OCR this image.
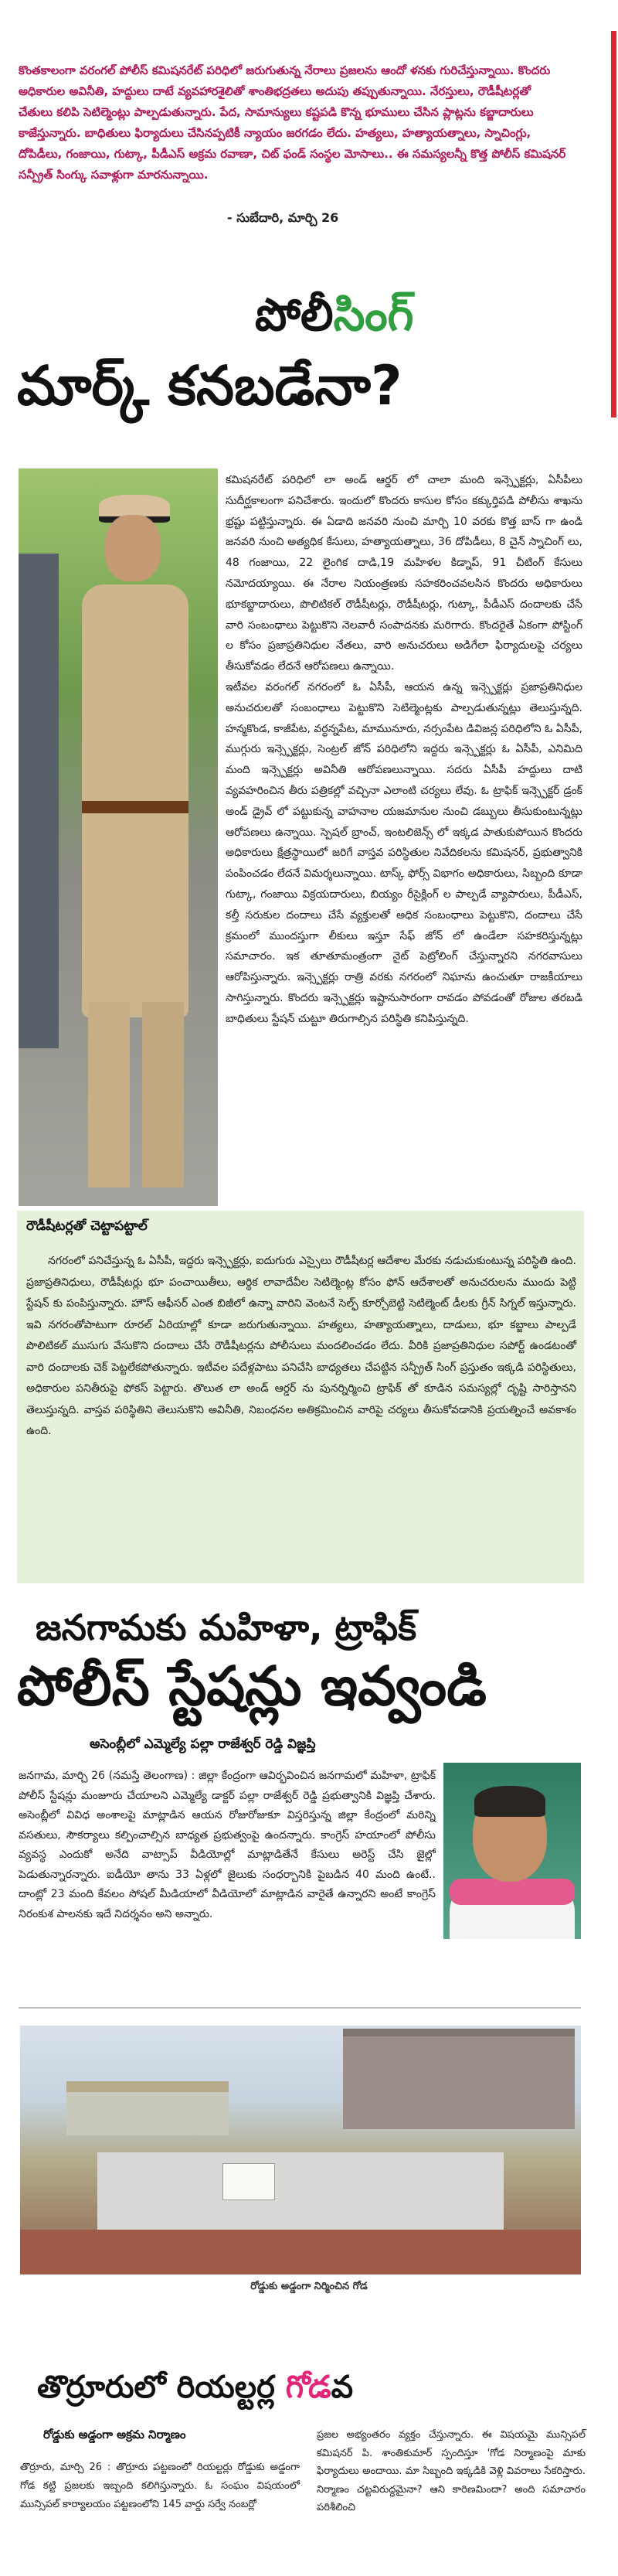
కొంతకాలంగా వరంగల్ పోలీస్ కమిషనరేట్ పరిధిలో జరుగుతున్న నేరాలు ప్రజలను ఆందో ళనకు గురిచేస్తున్నాయి. కొందరు అధికారుల అవినీతి, హద్దులు దాటే వ్యవహారశైలితో శాంతిభద్రతలు అదుపు తప్పుతున్నాయి. నేరస్తులు, రౌడీషీటర్లతో చేతులు కలిపి సెటిల్మెంట్లు పాల్పడుతున్నారు. పేద, సామాన్యులు కష్టపడి కొన్న భూములు చేసిన ప్లాట్లను కబ్జాదారులు కాజేస్తున్నారు. బాధితులు ఫిర్యాదులు చేసినప్పటికీ న్యాయం జరగడం లేదు. హత్యలు, హత్యాయత్నాలు, స్నాచింగ్లు, దోపిడీలు, గంజాయి, గుట్కా, పీడీఎస్ అక్రమ రవాణా, చిట్ ఫండ్ సంస్థల మోసాలు.. ఈ సమస్యలన్నీ కొత్త పోలీస్ కమిషనర్ సన్ప్రీత్ సింగ్కు సవాళ్లుగా మారనున్నాయి.
- సుబేదారి, మార్చి 26
పోలీసింగ్
మార్క్ కనబడేనా?

కమిషనరేట్ పరిధిలో లా అండ్ ఆర్డర్ లో చాలా మంది ఇన్స్పెక్టర్లు, ఏసీపీలు సుదీర్ఘకాలంగా పనిచేశారు. ఇందులో కొందరు కాసుల కోసం కక్కుర్తిపడి పోలీసు శాఖను భ్రష్టు పట్టిస్తున్నారు. ఈ ఏడాది జనవరి నుంచి మార్చి 10 వరకు కొత్త బాస్ గా ఉండి జనవరి నుంచి అత్యధిక కేసులు, హత్యాయత్నాలు, 36 దోపిడీలు, 8 చైన్ స్నాచింగ్ లు, 48 గంజాయి, 22 లైంగిక దాడి,19 మహిళల కిడ్నాప్, 91 చీటింగ్ కేసులు నమోదయ్యాయి. ఈ నేరాల నియంత్రణకు సహకరించవలసిన కొందరు అధికారులు భూకబ్జాదారులు, పొలిటికల్ రౌడీషీటర్లు, రౌడీషీటర్లు, గుట్కా, పీడీఎస్ దందాలకు చేసే వారి సంబంధాలు పెట్టుకొని నెలవారీ సంపాదనకు మరిగారు. కొందరైతే ఏకంగా పోస్టింగ్ ల కోసం ప్రజాప్రతినిధుల నేతలు, వారి అనుచరులు అడిగేలా ఫిర్యాదులపై చర్యలు తీసుకోవడం లేదనే ఆరోపణలు ఉన్నాయి.

ఇటీవల వరంగల్ నగరంలో ఓ ఏసీపీ, ఆయన ఉన్న ఇన్స్పెక్టర్లు ప్రజాప్రతినిధుల అనుచరులతో సంబంధాలు పెట్టుకొని సెటిల్మెంట్లకు పాల్పడుతున్నట్లు తెలుస్తున్నది. హన్మకొండ, కాజీపేట, వర్ధన్నపేట, మామునూరు, నర్సంపేట డివిజన్ల పరిధిలోని ఓ ఏసీపీ, ముగ్గురు ఇన్స్పెక్టర్లు, సెంట్రల్ జోన్ పరిధిలోని ఇద్దరు ఇన్స్పెక్టర్లు ఓ ఏసీపీ, ఎనిమిది మంది ఇన్స్పెక్టర్లు అవినీతి ఆరోపణలున్నాయి. సదరు ఏసీపీ హద్దులు దాటి వ్యవహరించిన తీరు పత్రికల్లో వచ్చినా ఎలాంటి చర్యలు లేవు. ఓ ట్రాఫిక్ ఇన్స్పెక్టర్ డ్రంక్ అండ్ డ్రైవ్ లో పట్టుకున్న వాహనాల యజమానుల నుంచి డబ్బులు తీసుకుంటున్నట్లు ఆరోపణలు ఉన్నాయి. స్పెషల్ బ్రాంచ్, ఇంటలిజెన్స్ లో ఇక్కడ పాతుకుపోయిన కొందరు అధికారులు క్షేత్రస్థాయిలో జరిగే వాస్తవ పరిస్థితుల నివేదికలను కమిషనర్, ప్రభుత్వానికి పంపించడం లేదనే విమర్శలున్నాయి. టాస్క్ ఫోర్స్ విభాగం అధికారులు, సిబ్బంది కూడా గుట్కా, గంజాయి విక్రయదారులు, బియ్యం రీసైక్లింగ్ ల పాల్పడే వ్యాపారులు, పీడీఎస్, కల్తీ సరుకుల దందాలు చేసే వ్యక్తులతో అధిక సంబంధాలు పెట్టుకొని, దందాలు చేసే క్రమంలో ముందస్తుగా లీకులు ఇస్తూ సేఫ్ జోన్ లో ఉండేలా సహకరిస్తున్నట్లు సమాచారం. ఇక తూతూమంత్రంగా నైట్ పెట్రోలింగ్ చేస్తున్నారని నగరవాసులు ఆరోపిస్తున్నారు. ఇన్స్పెక్టర్లు రాత్రి వరకు నగరంలో నిఘాను ఉంచుతూ రాజకీయాలు సాగిస్తున్నారు. కొందరు ఇన్స్పెక్టర్లు ఇష్టానుసారంగా రావడం పోవడంతో రోజుల తరబడి బాధితులు స్టేషన్ చుట్టూ తిరుగాల్సిన పరిస్థితి కనిపిస్తున్నది.

రౌడీషీటర్లతో చెట్టాపట్టాల్

నగరంలో పనిచేస్తున్న ఓ ఏసీపీ, ఇద్దరు ఇన్స్పెక్టర్లు, ఐదుగురు ఎస్సైలు రౌడీషీటర్ల ఆదేశాల మేరకు నడుచుకుంటున్న పరిస్థితి ఉంది. ప్రజాప్రతినిధులు, రౌడీషీటర్లు భూ పంచాయితీలు, ఆర్థిక లావాదేవీల సెటిల్మెంట్ల కోసం ఫోన్ ఆదేశాలతో అనుచరులను ముందు పెట్టి స్టేషన్ కు పంపిస్తున్నారు. హౌస్ ఆఫీసర్ ఎంత బిజీలో ఉన్నా వారిని వెంటనే సెల్ఫ్ కూర్చోబెట్టి సెటిల్మెంట్ డీలకు గ్రీన్ సిగ్నల్ ఇస్తున్నారు. ఇవి నగరంతోపాటుగా రూరల్ ఏరియాల్లో కూడా జరుగుతున్నాయి. హత్యలు, హత్యాయత్నాలు, దాడులు, భూ కబ్జాలు పాల్పడే పొలిటికల్ ముసుగు వేసుకొని దందాలు చేసే రౌడీషీటర్లను పోలీసులు మందలించడం లేదు. వీరికి ప్రజాప్రతినిధుల సపోర్ట్ ఉండటంతో వారి దందాలకు చెక్ పెట్టలేకపోతున్నారు. ఇటీవల పదేళ్లపాటు పనిచేసి బాధ్యతలు చేపట్టిన సన్ప్రీత్ సింగ్ ప్రస్తుతం ఇక్కడి పరిస్థితులు, అధికారుల పనితీరుపై ఫోకస్ పెట్టారు. తొలుత లా అండ్ ఆర్డర్ ను పునర్నిర్మించి ట్రాఫిక్ తో కూడిన సమస్యల్లో దృష్టి సారిస్తానని తెలుస్తున్నది. వాస్తవ పరిస్థితిని తెలుసుకొని అవినీతి, నిబంధనల అతిక్రమించిన వారిపై చర్యలు తీసుకోవడానికి ప్రయత్నించే అవకాశం ఉంది.

జనగామకు మహిళా, ట్రాఫిక్
పోలీస్ స్టేషన్లు ఇవ్వండి
అసెంబ్లీలో ఎమ్మెల్యే పల్లా రాజేశ్వర్ రెడ్డి విజ్ఞప్తి
జనగామ, మార్చి 26 (నమస్తే తెలంగాణ) : జిల్లా కేంద్రంగా ఆవిర్భవించిన జనగామలో మహిళా, ట్రాఫిక్ పోలీస్ స్టేషన్లు మంజూరు చేయాలని ఎమ్మెల్యే డాక్టర్ పల్లా రాజేశ్వర్ రెడ్డి ప్రభుత్వానికి విజ్ఞప్తి చేశారు. అసెంబ్లీలో వివిధ అంశాలపై మాట్లాడిన ఆయన రోజురోజుకూ విస్తరిస్తున్న జిల్లా కేంద్రంలో మరిన్ని వసతులు, సౌకర్యాలు కల్పించాల్సిన బాధ్యత ప్రభుత్వంపై ఉందన్నారు. కాంగ్రెస్ హయాంలో పోలీసు వ్యవస్థ ఎందుకో అనేది వాట్సాప్ వీడియోల్లో మాట్లాడితేనే కేసులు అరెస్ట్ చేసి జైల్లో పెడుతున్నారన్నారు. ఐడీయో తాను 33 ఏళ్లలో జైలుకు సంధర్బానికి పైబడిన 40 మంది ఉంటే.. దాంట్లో 23 మంది కేవలం సోషల్ మీడియాలో వీడియోలో మాట్లాడిన వారైతే ఉన్నారని అంటే కాంగ్రెస్ నిరంకుశ పాలనకు ఇదే నిదర్శనం అని అన్నారు.
రోడ్డుకు అడ్డంగా నిర్మించిన గోడ
తొర్రూరులో రియల్టర్ల గోడవ
రోడ్డుకు అడ్డంగా అక్రమ నిర్మాణం
తొర్రూరు, మార్చి 26 : తొర్రూరు పట్టణంలో రియల్టర్లు రోడ్డుకు అడ్డంగా గోడ కట్టి ప్రజలకు ఇబ్బంది కలిగిస్తున్నారు. ఓ సంఘం విషయంలో మున్సిపల్ కార్యాలయం పట్టణంలోని 145 వార్డు సర్వే నంబర్లో
ప్రజల అభ్యంతరం వ్యక్తం చేస్తున్నారు. ఈ విషయమై మున్సిపల్ కమిషనర్ పి. శాంతికుమార్ స్పందిస్తూ 'గోడ నిర్మాణంపై మాకు ఫిర్యాదులు అందాయి. మా సిబ్బంది ఇక్కడికి వెళ్లి వివరాలు సేకరిస్తారు. నిర్మాణం చట్టవిరుద్ధమైనా? ఆని కారిణమిందా? అంది సమాచారం పరిశీలించి
